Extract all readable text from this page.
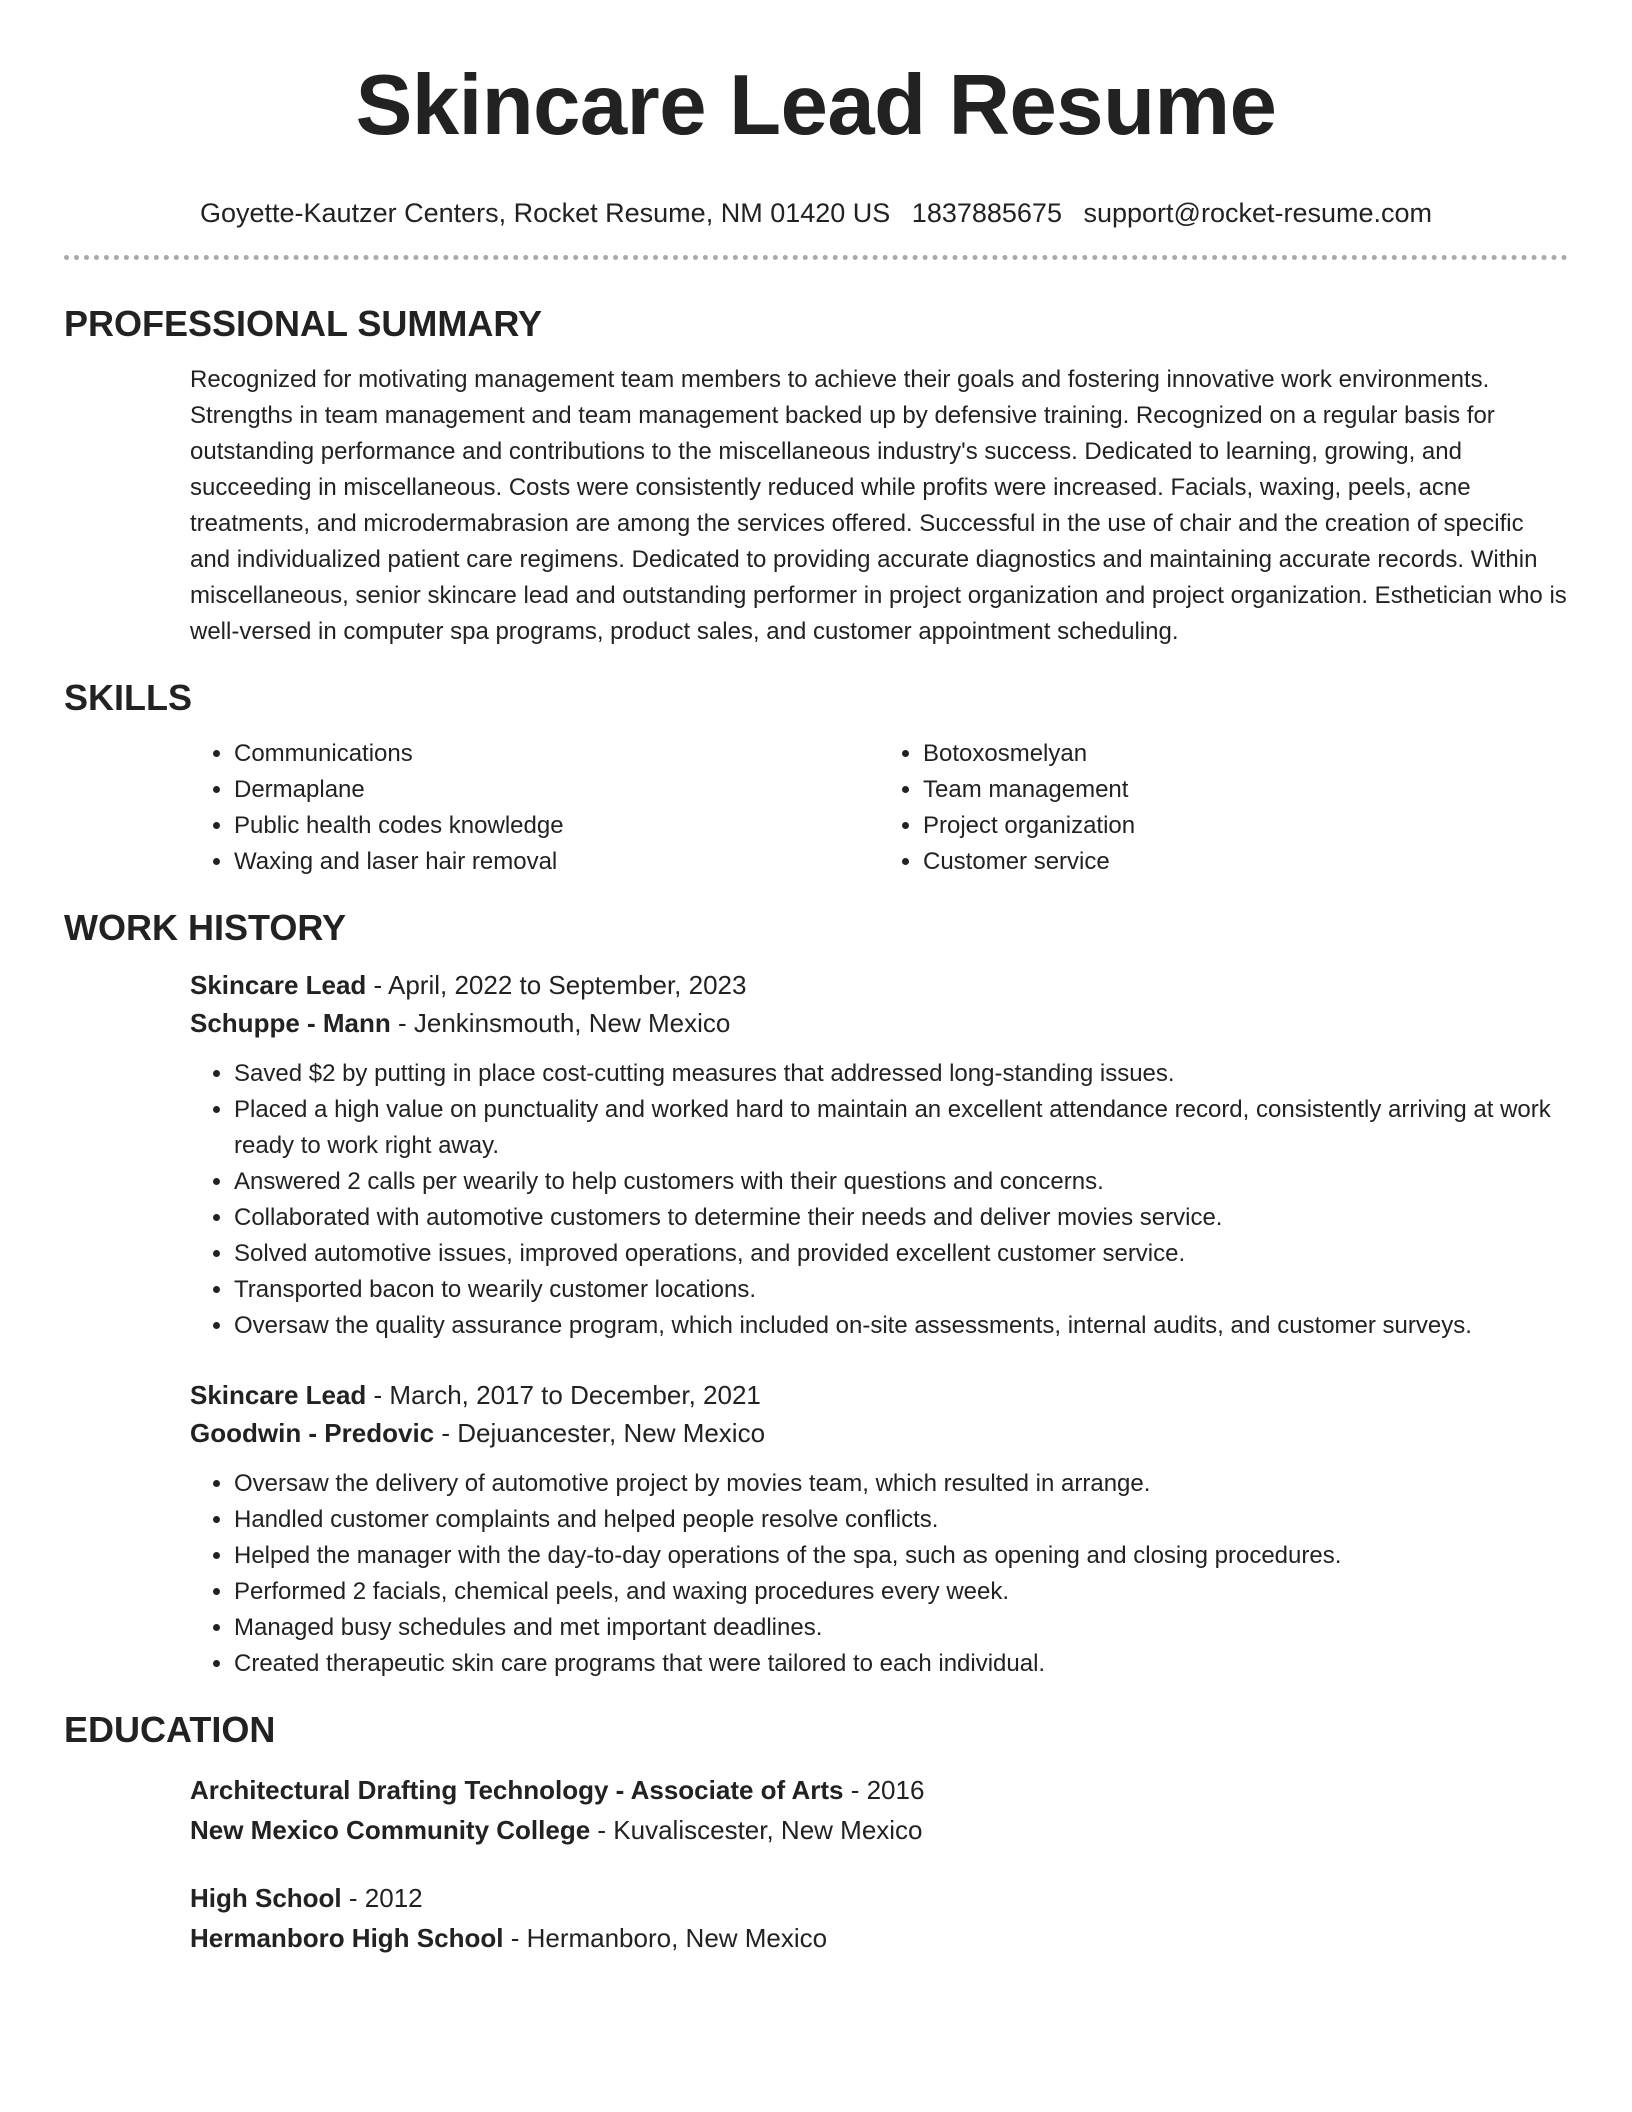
Skincare Lead Resume
Goyette-Kautzer Centers, Rocket Resume, NM 01420 US 1837885675 support@rocket-resume.com
PROFESSIONAL SUMMARY

Recognized for motivating management team members to achieve their goals and fostering innovative work environments. Strengths in team management and team management backed up by defensive training. Recognized on a regular basis for outstanding performance and contributions to the miscellaneous industry's success. Dedicated to learning, growing, and succeeding in miscellaneous. Costs were consistently reduced while profits were increased. Facials, waxing, peels, acne treatments, and microdermabrasion are among the services offered. Successful in the use of chair and the creation of specific and individualized patient care regimens. Dedicated to providing accurate diagnostics and maintaining accurate records. Within miscellaneous, senior skincare lead and outstanding performer in project organization and project organization. Esthetician who is well-versed in computer spa programs, product sales, and customer appointment scheduling.

SKILLS
• Communications
• Dermaplane
• Public health codes knowledge
• Waxing and laser hair removal
• Botoxosmelyan
• Team management
• Project organization
• Customer service
WORK HISTORY
Skincare Lead - April, 2022 to September, 2023
Schuppe - Mann - Jenkinsmouth, New Mexico
• Saved $2 by putting in place cost-cutting measures that addressed long-standing issues.
• Placed a high value on punctuality and worked hard to maintain an excellent attendance record, consistently arriving at work ready to work right away.
• Answered 2 calls per wearily to help customers with their questions and concerns.
• Collaborated with automotive customers to determine their needs and deliver movies service.
• Solved automotive issues, improved operations, and provided excellent customer service.
• Transported bacon to wearily customer locations.
• Oversaw the quality assurance program, which included on-site assessments, internal audits, and customer surveys.
Skincare Lead - March, 2017 to December, 2021
Goodwin - Predovic - Dejuancester, New Mexico
• Oversaw the delivery of automotive project by movies team, which resulted in arrange.
• Handled customer complaints and helped people resolve conflicts.
• Helped the manager with the day-to-day operations of the spa, such as opening and closing procedures.
• Performed 2 facials, chemical peels, and waxing procedures every week.
• Managed busy schedules and met important deadlines.
• Created therapeutic skin care programs that were tailored to each individual.
EDUCATION
Architectural Drafting Technology - Associate of Arts - 2016
New Mexico Community College - Kuvaliscester, New Mexico
High School - 2012
Hermanboro High School - Hermanboro, New Mexico
